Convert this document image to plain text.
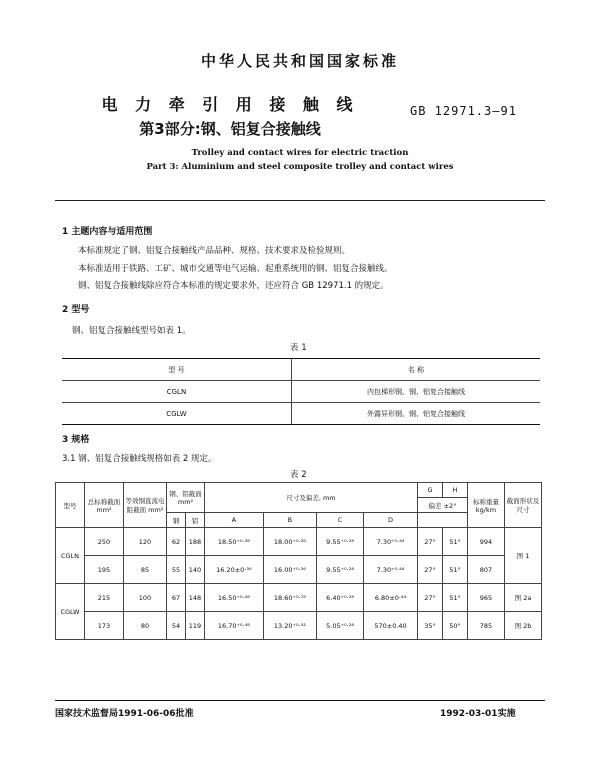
中华人民共和国国家标准
电 力 牵 引 用 接 触 线
第3部分:钢、铝复合接触线
GB 12971.3—91
Trolley and contact wires for electric traction
Part 3: Aluminium and steel composite trolley and contact wires
1 主题内容与适用范围
本标准规定了钢、铝复合接触线产品品种、规格、技术要求及检验规则。
本标准适用于铁路、工矿、城市交通等电气运输、起重系统用的钢、铝复合接触线。
钢、铝复合接触线除应符合本标准的规定要求外，还应符合 GB 12971.1 的规定。
2 型号
钢、铝复合接触线型号如表 1。
表 1
型 号	名 称
CGLN	内包梯形钢、钢、铝复合接触线
CGLW	外露异形钢、钢、铝复合接触线
3 规格
3.1 钢、铝复合接触线规格如表 2 规定。
表 2
型号	总标称截面 mm²	等效铜直流电阻截面 mm²	钢、铝截面 mm²		尺寸及偏差, mm				G	H	标称重量 kg/km	截面形状及尺寸
									偏差 ±2°			
			钢	铝	A	B	C	D				
CGLN	250	120	62	188	18.50⁺⁰·³⁸	18.00⁺⁰·³⁶	9.55⁺⁰·²⁸	7.30⁺⁰·⁴⁴	27°	51°	994	图 1
	195	85	55	140	16.20±0·³⁶	16.00⁺⁰·³⁶	9.55⁺⁰·²⁸	7.30⁺⁰·⁴⁴	27°	51°	807	
CGLW	215	100	67	148	16.50⁺⁰·⁴⁸	18.60⁺⁰·⁷⁸	6.40⁺⁰·²⁸	6.80±0·⁴⁴	27°	51°	965	图 2a
	173	80	54	119	16.70⁺⁰·⁴⁸	13.20⁺⁰·⁵²	5.05⁺⁰·²⁸	570±0.40	35°	50°	785	图 2b
国家技术监督局1991-06-06批准	1992-03-01实施
